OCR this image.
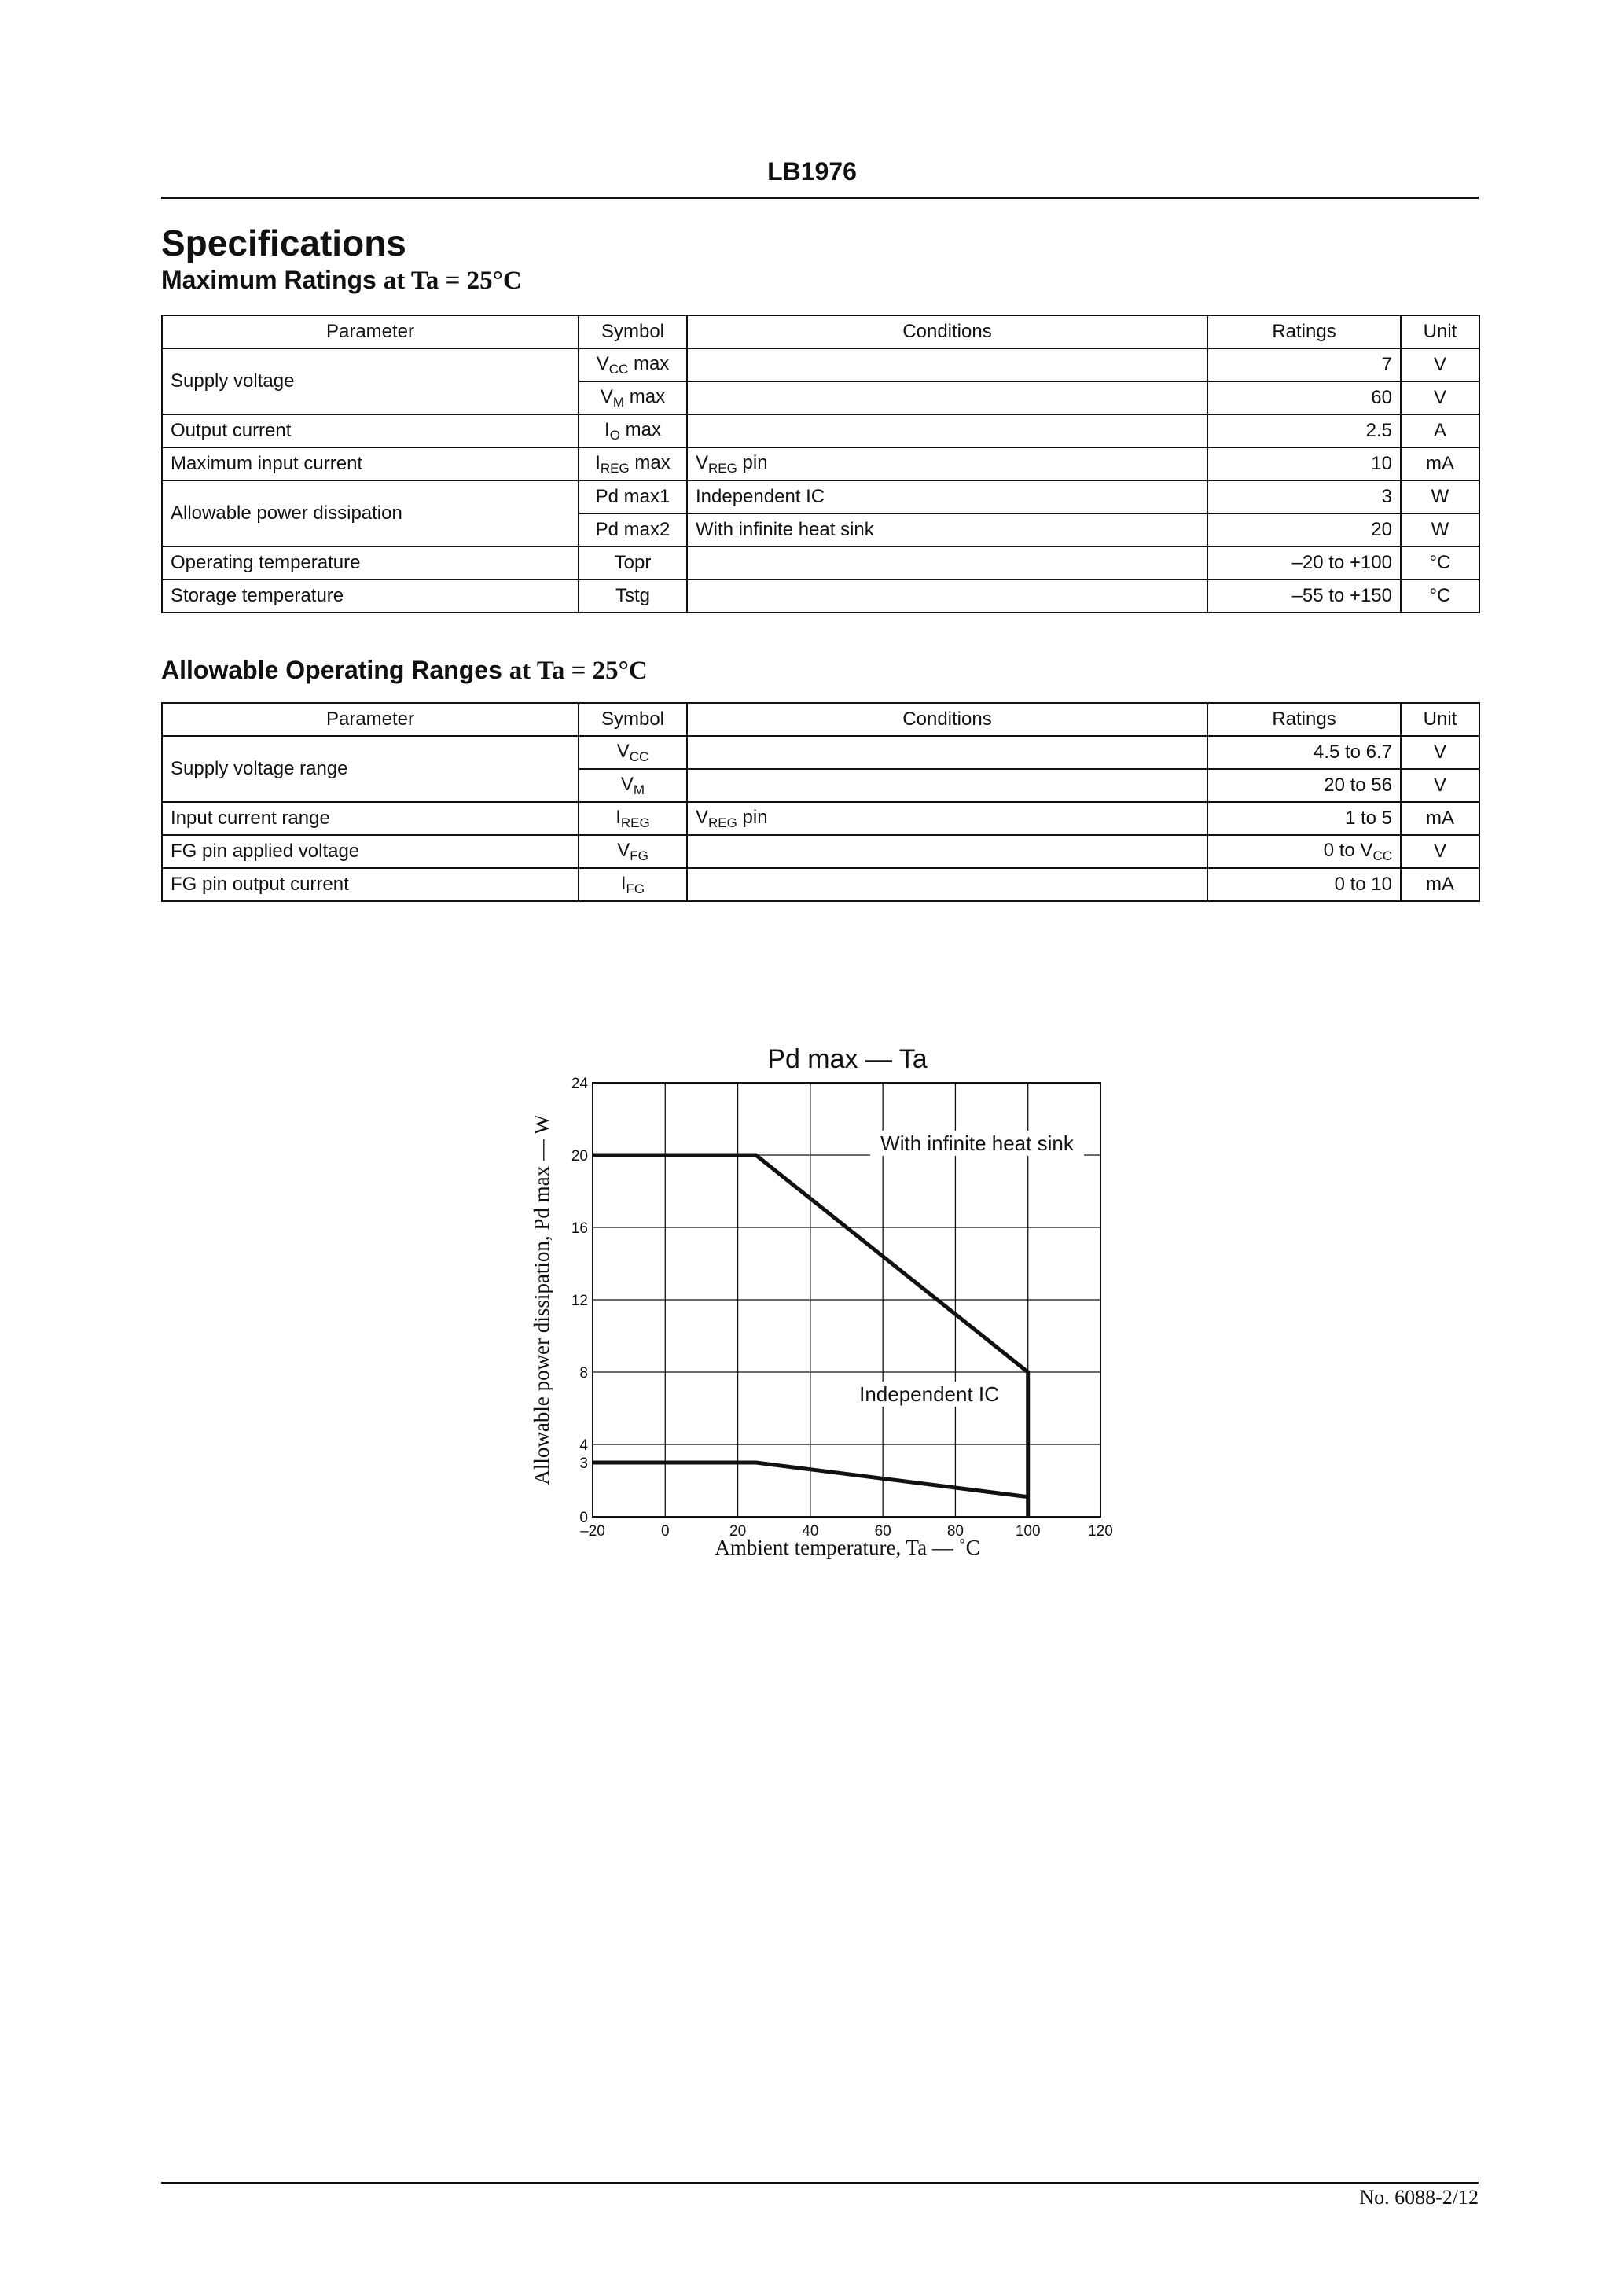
LB1976
Specifications
Maximum Ratings at Ta = 25°C
Parameter	Symbol	Conditions	Ratings	Unit
Supply voltage	$V_{CC}$ max		7	V
	$V_M$ max		60	V
Output current	$I_O$ max		2.5	A
Maximum input current	$I_{REG}$ max	$V_{REG}$ pin	10	mA
Allowable power dissipation	Pd max1	Independent IC	3	W
	Pd max2	With infinite heat sink	20	W
Operating temperature	Topr		–20 to +100	°C
Storage temperature	Tstg		–55 to +150	°C
Allowable Operating Ranges at Ta = 25°C
Parameter	Symbol	Conditions	Ratings	Unit
Supply voltage range	$V_{CC}$		4.5 to 6.7	V
	$V_M$		20 to 56	V
Input current range	$I_{REG}$	$V_{REG}$ pin	1 to 5	mA
FG pin applied voltage	$V_{FG}$		0 to $V_{CC}$	V
FG pin output current	$I_{FG}$		0 to 10	mA
Pd max — Ta
–20	0	20	40	60	80	100	120
0
3
4
8
12
16
20
24
With infinite heat sink
Independent IC
Ambient temperature, Ta — ˚C
Allowable power dissipation, Pd max — W
No. 6088-2/12
